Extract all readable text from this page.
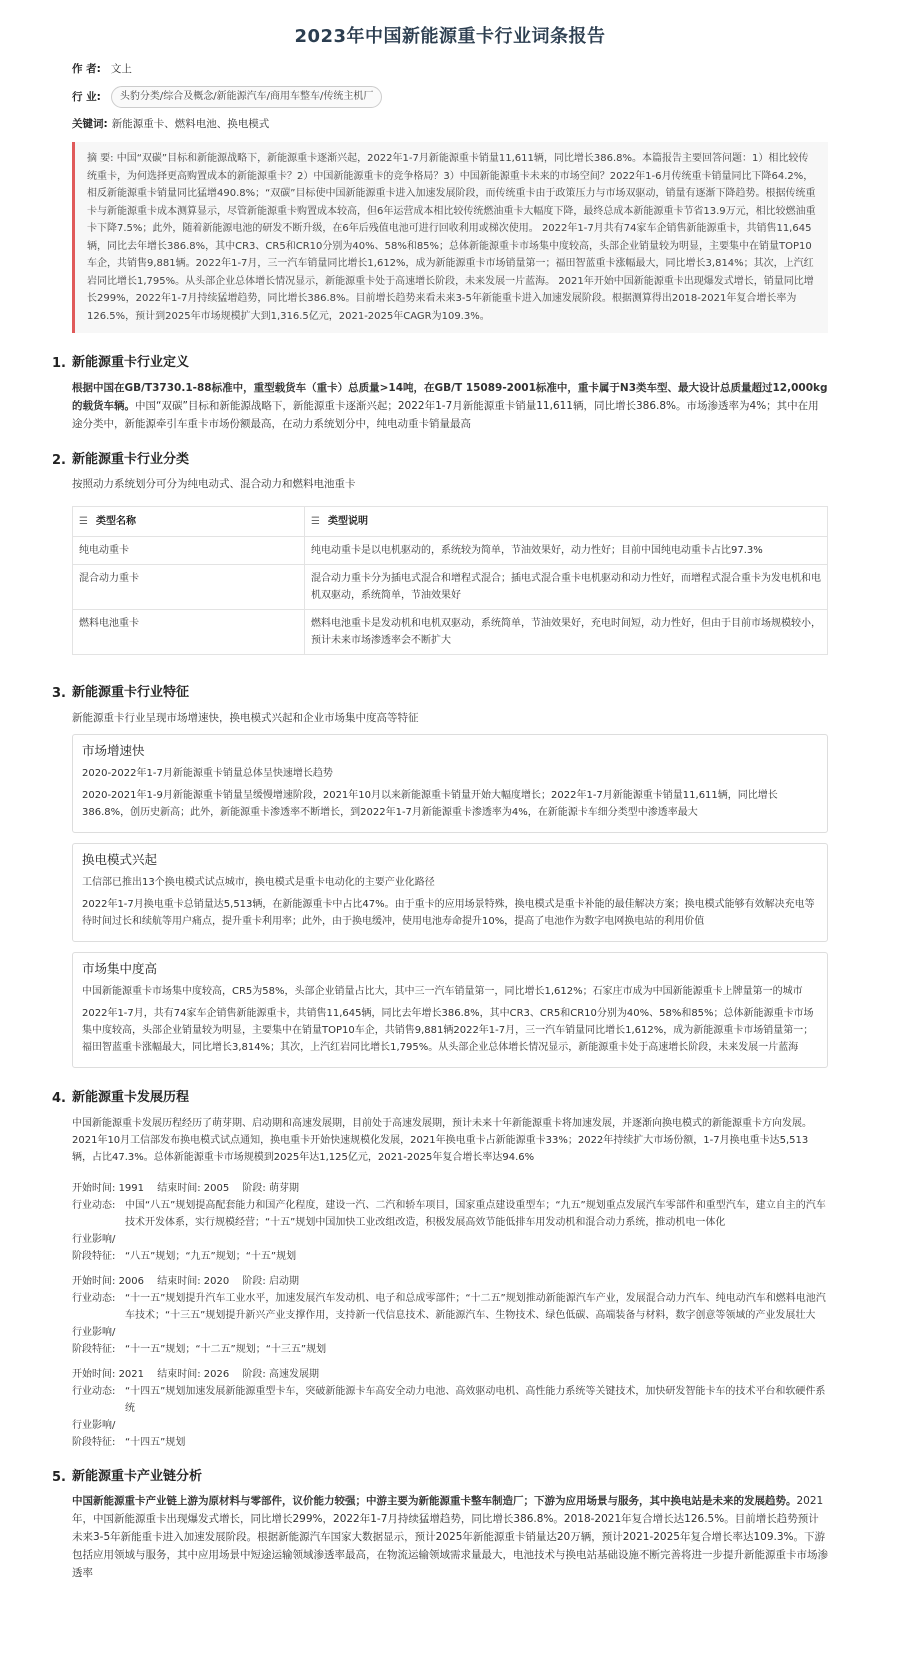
2023年中国新能源重卡行业词条报告
作 者: 文上
行 业:	头豹分类/综合及概念/新能源汽车/商用车整车/传统主机厂
关键词: 新能源重卡、燃料电池、换电模式
摘 要: 中国“双碳”目标和新能源战略下，新能源重卡逐渐兴起，2022年1-7月新能源重卡销量11,611辆，同比增长386.8%。本篇报告主要回答问题：1）相比较传统重卡，为何选择更高购置成本的新能源重卡？2）中国新能源重卡的竞争格局？3）中国新能源重卡未来的市场空间？2022年1-6月传统重卡销量同比下降64.2%，相反新能源重卡销量同比猛增490.8%；“双碳”目标使中国新能源重卡进入加速发展阶段，而传统重卡由于政策压力与市场双驱动，销量有逐渐下降趋势。根据传统重卡与新能源重卡成本测算显示，尽管新能源重卡购置成本较高，但6年运营成本相比较传统燃油重卡大幅度下降，最终总成本新能源重卡节省13.9万元，相比较燃油重卡下降7.5%；此外，随着新能源电池的研发不断升级，在6年后残值电池可进行回收利用或梯次使用。 2022年1-7月共有74家车企销售新能源重卡，共销售11,645辆，同比去年增长386.8%，其中CR3、CR5和CR10分别为40%、58%和85%；总体新能源重卡市场集中度较高，头部企业销量较为明显，主要集中在销量TOP10车企，共销售9,881辆。2022年1-7月，三一汽车销量同比增长1,612%，成为新能源重卡市场销量第一；福田智蓝重卡涨幅最大，同比增长3,814%；其次，上汽红岩同比增长1,795%。从头部企业总体增长情况显示，新能源重卡处于高速增长阶段，未来发展一片蓝海。 2021年开始中国新能源重卡出现爆发式增长，销量同比增长299%，2022年1-7月持续猛增趋势，同比增长386.8%。目前增长趋势来看未来3-5年新能重卡进入加速发展阶段。根据测算得出2018-2021年复合增长率为126.5%，预计到2025年市场规模扩大到1,316.5亿元，2021-2025年CAGR为109.3%。
1. 新能源重卡行业定义

根据中国在GB/T3730.1-88标准中，重型载货车（重卡）总质量>14吨，在GB/T 15089-2001标准中，重卡属于N3类车型、最大设计总质量超过12,000kg的载货车辆。中国“双碳”目标和新能源战略下，新能源重卡逐渐兴起；2022年1-7月新能源重卡销量11,611辆，同比增长386.8%。市场渗透率为4%；其中在用途分类中，新能源牵引车重卡市场份额最高，在动力系统划分中，纯电动重卡销量最高

2. 新能源重卡行业分类

按照动力系统划分可分为纯电动式、混合动力和燃料电池重卡

☰ 类型名称	☰ 类型说明
纯电动重卡	纯电动重卡是以电机驱动的，系统较为简单，节油效果好，动力性好；目前中国纯电动重卡占比97.3%
混合动力重卡	混合动力重卡分为插电式混合和增程式混合；插电式混合重卡电机驱动和动力性好，而增程式混合重卡为发电机和电机双驱动，系统简单，节油效果好
燃料电池重卡	燃料电池重卡是发动机和电机双驱动，系统简单，节油效果好，充电时间短，动力性好，但由于目前市场规模较小，预计未来市场渗透率会不断扩大
3. 新能源重卡行业特征

新能源重卡行业呈现市场增速快，换电模式兴起和企业市场集中度高等特征

市场增速快

2020-2022年1-7月新能源重卡销量总体呈快速增长趋势

2020-2021年1-9月新能源重卡销量呈缓慢增速阶段，2021年10月以来新能源重卡销量开始大幅度增长；2022年1-7月新能源重卡销量11,611辆，同比增长386.8%，创历史新高；此外，新能源重卡渗透率不断增长，到2022年1-7月新能源重卡渗透率为4%，在新能源卡车细分类型中渗透率最大

换电模式兴起

工信部已推出13个换电模式试点城市，换电模式是重卡电动化的主要产业化路径

2022年1-7月换电重卡总销量达5,513辆，在新能源重卡中占比47%。由于重卡的应用场景特殊，换电模式是重卡补能的最佳解决方案；换电模式能够有效解决充电等待时间过长和续航等用户痛点，提升重卡利用率；此外，由于换电缓冲，使用电池寿命提升10%，提高了电池作为数字电网换电站的利用价值

市场集中度高

中国新能源重卡市场集中度较高，CR5为58%，头部企业销量占比大，其中三一汽车销量第一，同比增长1,612%；石家庄市成为中国新能源重卡上牌量第一的城市

2022年1-7月，共有74家车企销售新能源重卡，共销售11,645辆，同比去年增长386.8%，其中CR3、CR5和CR10分别为40%、58%和85%；总体新能源重卡市场集中度较高，头部企业销量较为明显，主要集中在销量TOP10车企，共销售9,881辆2022年1-7月，三一汽车销量同比增长1,612%，成为新能源重卡市场销量第一；福田智蓝重卡涨幅最大，同比增长3,814%；其次，上汽红岩同比增长1,795%。从头部企业总体增长情况显示，新能源重卡处于高速增长阶段，未来发展一片蓝海

4. 新能源重卡发展历程

中国新能源重卡发展历程经历了萌芽期、启动期和高速发展期，目前处于高速发展期，预计未来十年新能源重卡将加速发展，并逐渐向换电模式的新能源重卡方向发展。2021年10月工信部发布换电模式试点通知，换电重卡开始快速规模化发展，2021年换电重卡占新能源重卡33%；2022年持续扩大市场份额，1-7月换电重卡达5,513辆，占比47.3%。总体新能源重卡市场规模到2025年达1,125亿元，2021-2025年复合增长率达94.6%

开始时间: 1991 结束时间: 2005 阶段: 萌芽期
行业动态: 中国“八五”规划提高配套能力和国产化程度，建设一汽、二汽和轿车项目，国家重点建设重型车；“九五”规划重点发展汽车零部件和重型汽车，建立自主的汽车技术开发体系，实行规模经营；“十五”规划中国加快工业改组改造，积极发展高效节能低排车用发动机和混合动力系统，推动机电一体化
行业影响/
阶段特征: “八五”规划；“九五”规划；“十五”规划
开始时间: 2006 结束时间: 2020 阶段: 启动期
行业动态: “十一五”规划提升汽车工业水平，加速发展汽车发动机、电子和总成零部件；“十二五”规划推动新能源汽车产业，发展混合动力汽车、纯电动汽车和燃料电池汽车技术；“十三五”规划提升新兴产业支撑作用，支持新一代信息技术、新能源汽车、生物技术、绿色低碳、高端装备与材料，数字创意等领域的产业发展壮大
行业影响/
阶段特征: “十一五”规划；“十二五”规划；“十三五”规划
开始时间: 2021 结束时间: 2026 阶段: 高速发展期
行业动态: “十四五”规划加速发展新能源重型卡车，突破新能源卡车高安全动力电池、高效驱动电机、高性能力系统等关键技术，加快研发智能卡车的技术平台和软硬件系统
行业影响/
阶段特征: “十四五”规划
5. 新能源重卡产业链分析

中国新能源重卡产业链上游为原材料与零部件，议价能力较强；中游主要为新能源重卡整车制造厂；下游为应用场景与服务，其中换电站是未来的发展趋势。2021年，中国新能源重卡出现爆发式增长，同比增长299%，2022年1-7月持续猛增趋势，同比增长386.8%。2018-2021年复合增长达126.5%。目前增长趋势预计未来3-5年新能重卡进入加速发展阶段。根据新能源汽车国家大数据显示，预计2025年新能源重卡销量达20万辆，预计2021-2025年复合增长率达109.3%。下游包括应用领域与服务，其中应用场景中短途运输领域渗透率最高，在物流运输领域需求量最大，电池技术与换电站基础设施不断完善将进一步提升新能源重卡市场渗透率
